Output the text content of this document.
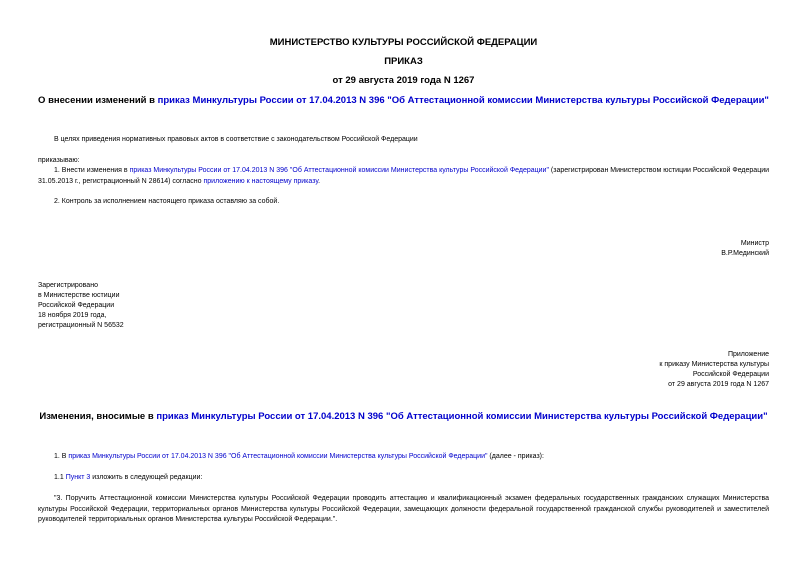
МИНИСТЕРСТВО КУЛЬТУРЫ РОССИЙСКОЙ ФЕДЕРАЦИИ
ПРИКАЗ
от 29 августа 2019 года N 1267
О внесении изменений в приказ Минкультуры России от 17.04.2013 N 396 "Об Аттестационной комиссии Министерства культуры Российской Федерации"
В целях приведения нормативных правовых актов в соответствие с законодательством Российской Федерации
приказываю:
1. Внести изменения в приказ Минкультуры России от 17.04.2013 N 396 "Об Аттестационной комиссии Министерства культуры Российской Федерации" (зарегистрирован Министерством юстиции Российской Федерации 31.05.2013 г., регистрационный N 28614) согласно приложению к настоящему приказу.
2. Контроль за исполнением настоящего приказа оставляю за собой.
Министр
В.Р.Мединский
Зарегистрировано
в Министерстве юстиции
Российской Федерации
18 ноября 2019 года,
регистрационный N 56532
Приложение
к приказу Министерства культуры
Российской Федерации
от 29 августа 2019 года N 1267
Изменения, вносимые в приказ Минкультуры России от 17.04.2013 N 396 "Об Аттестационной комиссии Министерства культуры Российской Федерации"
1. В приказ Минкультуры России от 17.04.2013 N 396 "Об Аттестационной комиссии Министерства культуры Российской Федерации" (далее - приказ):
1.1 Пункт 3 изложить в следующей редакции:
"3. Поручить Аттестационной комиссии Министерства культуры Российской Федерации проводить аттестацию и квалификационный экзамен федеральных государственных гражданских служащих Министерства культуры Российской Федерации, территориальных органов Министерства культуры Российской Федерации, замещающих должности федеральной государственной гражданской службы руководителей и заместителей руководителей территориальных органов Министерства культуры Российской Федерации.".
